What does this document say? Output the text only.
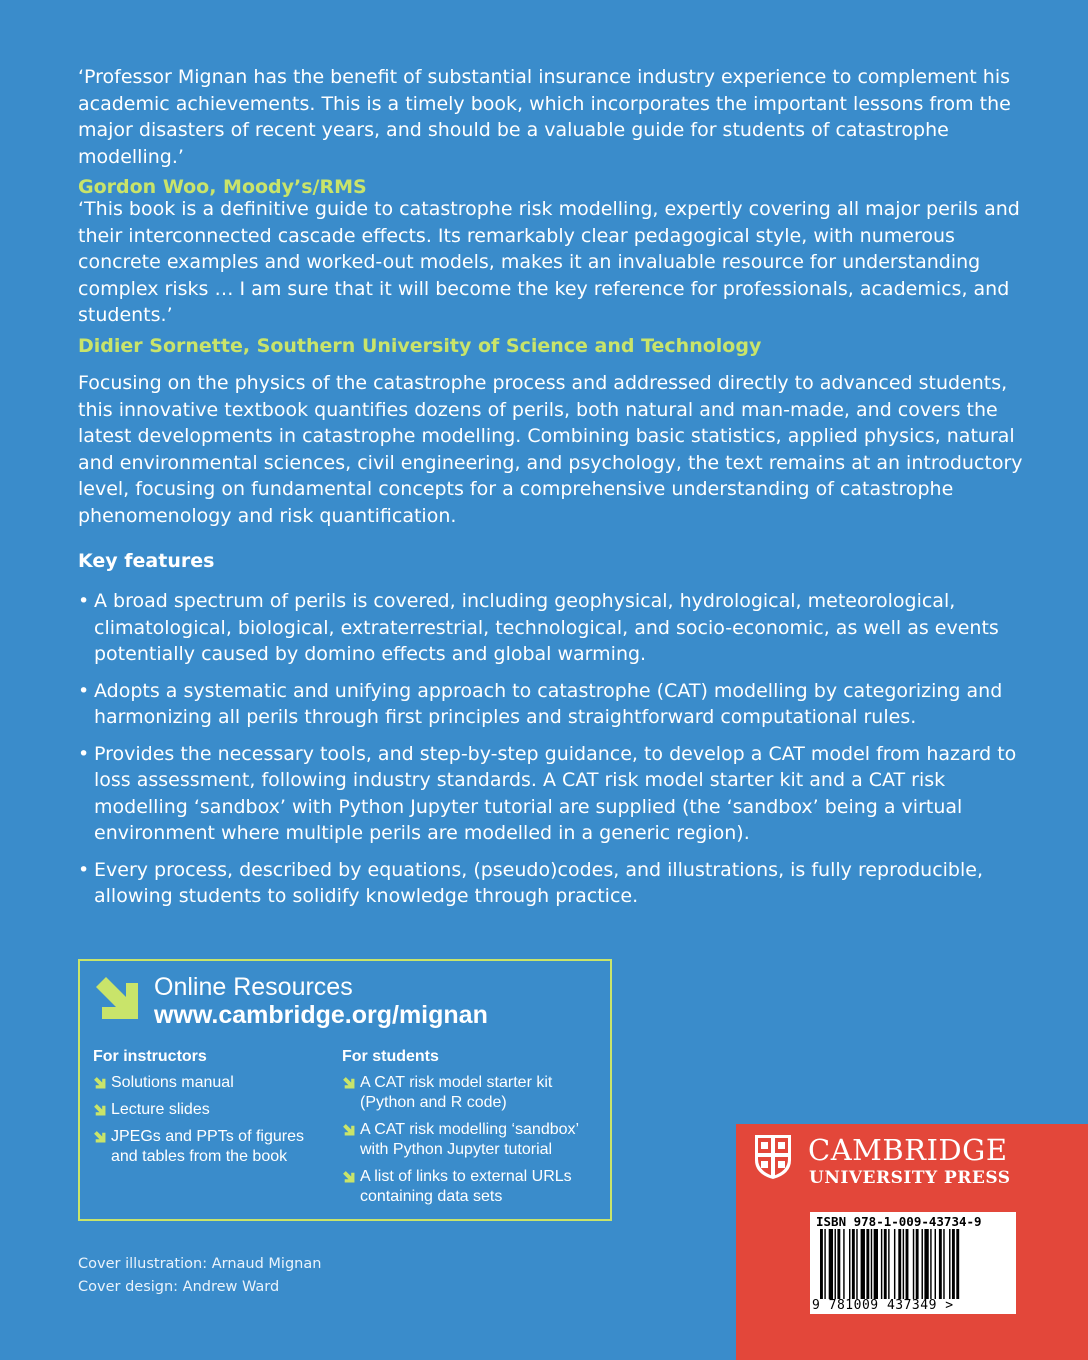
‘Professor Mignan has the benefit of substantial insurance industry experience to complement his academic achievements. This is a timely book, which incorporates the important lessons from the major disasters of recent years, and should be a valuable guide for students of catastrophe modelling.’

Gordon Woo, Moody’s/RMS

‘This book is a definitive guide to catastrophe risk modelling, expertly covering all major perils and their interconnected cascade effects. Its remarkably clear pedagogical style, with numerous concrete examples and worked-out models, makes it an invaluable resource for understanding complex risks … I am sure that it will become the key reference for professionals, academics, and students.’

Didier Sornette, Southern University of Science and Technology

Focusing on the physics of the catastrophe process and addressed directly to advanced students, this innovative textbook quantifies dozens of perils, both natural and man-made, and covers the latest developments in catastrophe modelling. Combining basic statistics, applied physics, natural and environmental sciences, civil engineering, and psychology, the text remains at an introductory level, focusing on fundamental concepts for a comprehensive understanding of catastrophe phenomenology and risk quantification.

Key features
• A broad spectrum of perils is covered, including geophysical, hydrological, meteorological, climatological, biological, extraterrestrial, technological, and socio-economic, as well as events potentially caused by domino effects and global warming.
• Adopts a systematic and unifying approach to catastrophe (CAT) modelling by categorizing and harmonizing all perils through first principles and straightforward computational rules.
• Provides the necessary tools, and step-by-step guidance, to develop a CAT model from hazard to loss assessment, following industry standards. A CAT risk model starter kit and a CAT risk modelling ‘sandbox’ with Python Jupyter tutorial are supplied (the ‘sandbox’ being a virtual environment where multiple perils are modelled in a generic region).
• Every process, described by equations, (pseudo)codes, and illustrations, is fully reproducible, allowing students to solidify knowledge through practice.
Online Resources
www.cambridge.org/mignan
For instructors
Solutions manual
Lecture slides
JPEGs and PPTs of figures and tables from the book
For students
A CAT risk model starter kit (Python and R code)
A CAT risk modelling ‘sandbox’ with Python Jupyter tutorial
A list of links to external URLs containing data sets
Cover illustration: Arnaud Mignan
Cover design: Andrew Ward
CAMBRIDGE
UNIVERSITY PRESS
ISBN 978-1-009-43734-9
9 781009 437349 >
